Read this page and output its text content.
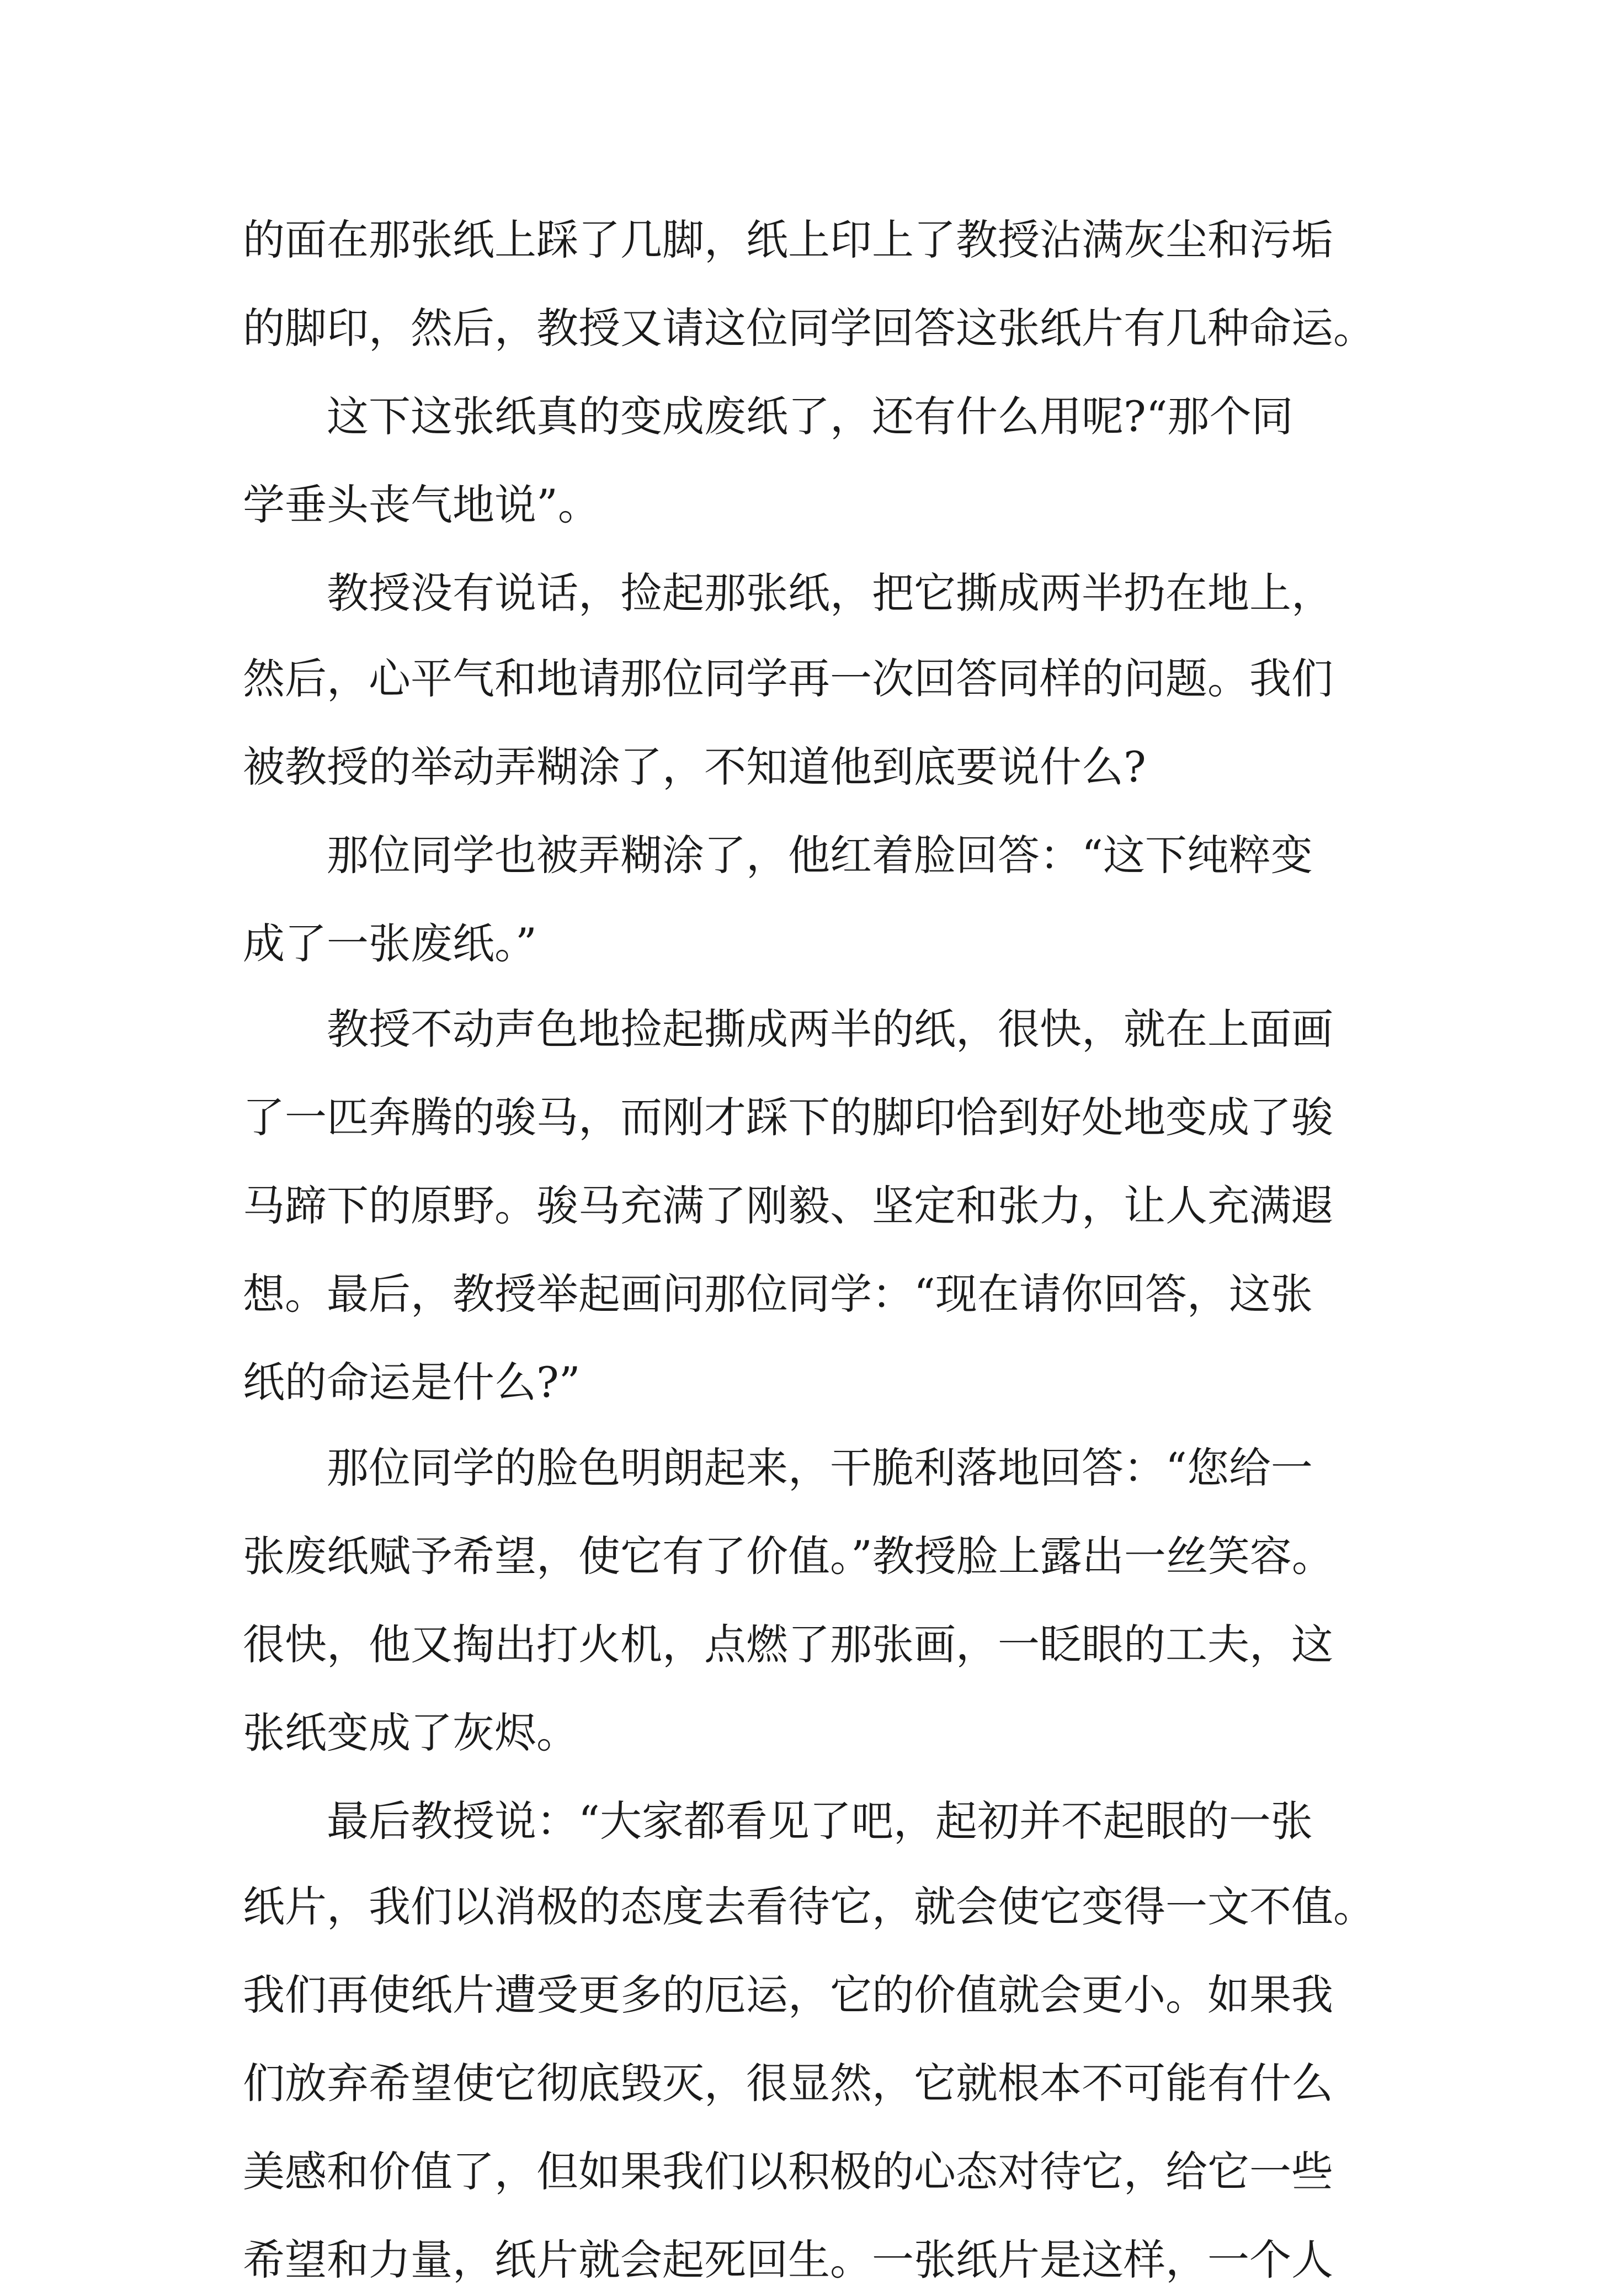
的面在那张纸上踩了几脚，纸上印上了教授沾满灰尘和污垢
的脚印，然后，教授又请这位同学回答这张纸片有几种命运。
这下这张纸真的变成废纸了，还有什么用呢?“那个同
学垂头丧气地说”。
教授没有说话，捡起那张纸，把它撕成两半扔在地上，
然后，心平气和地请那位同学再一次回答同样的问题。我们
被教授的举动弄糊涂了，不知道他到底要说什么?
那位同学也被弄糊涂了，他红着脸回答：“这下纯粹变
成了一张废纸。”
教授不动声色地捡起撕成两半的纸，很快，就在上面画
了一匹奔腾的骏马，而刚才踩下的脚印恰到好处地变成了骏
马蹄下的原野。骏马充满了刚毅、坚定和张力，让人充满遐
想。最后，教授举起画问那位同学：“现在请你回答，这张
纸的命运是什么?”
那位同学的脸色明朗起来，干脆利落地回答：“您给一
张废纸赋予希望，使它有了价值。”教授脸上露出一丝笑容。
很快，他又掏出打火机，点燃了那张画，一眨眼的工夫，这
张纸变成了灰烬。
最后教授说：“大家都看见了吧，起初并不起眼的一张
纸片，我们以消极的态度去看待它，就会使它变得一文不值。
我们再使纸片遭受更多的厄运，它的价值就会更小。如果我
们放弃希望使它彻底毁灭，很显然，它就根本不可能有什么
美感和价值了，但如果我们以积极的心态对待它，给它一些
希望和力量，纸片就会起死回生。一张纸片是这样，一个人
